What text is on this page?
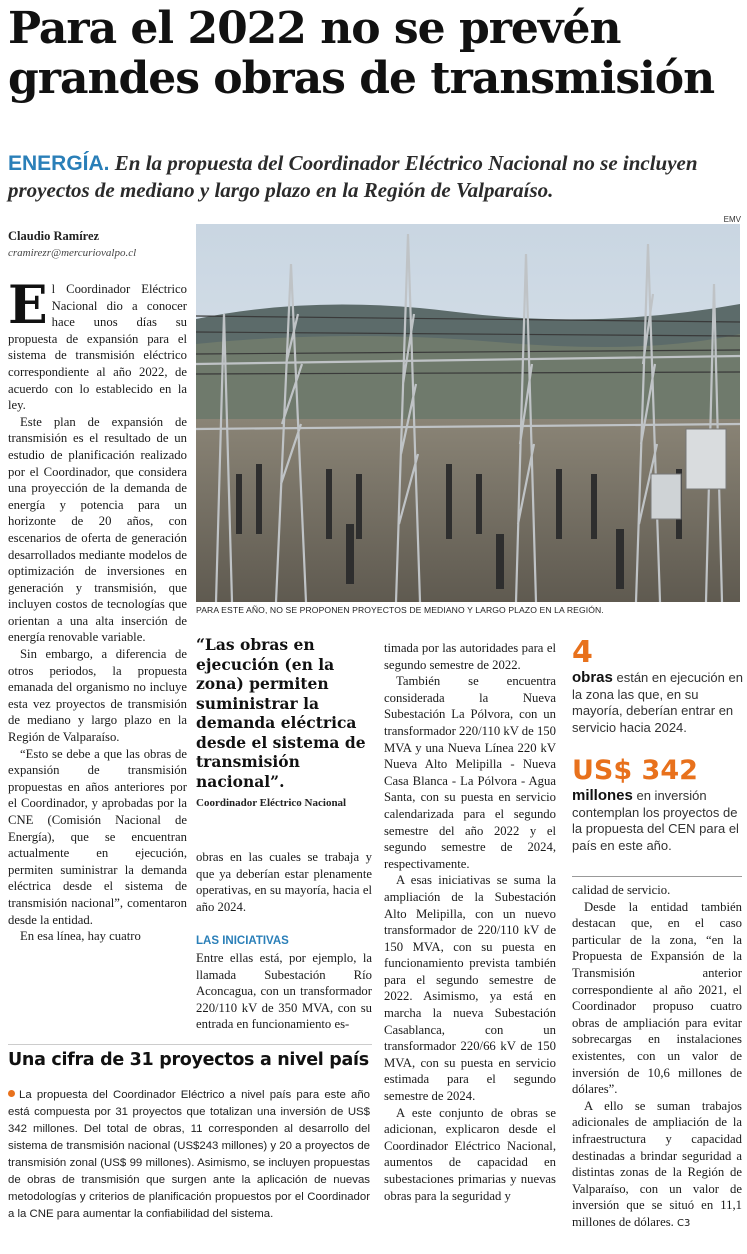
Para el 2022 no se prevén grandes obras de transmisión
ENERGÍA. En la propuesta del Coordinador Eléctrico Nacional no se incluyen proyectos de mediano y largo plazo en la Región de Valparaíso.
Claudio Ramírez
cramirezr@mercuriovalpo.cl
EMV
PARA ESTE AÑO, NO SE PROPONEN PROYECTOS DE MEDIANO Y LARGO PLAZO EN LA REGIÓN.

El Coordinador Eléctrico Nacional dio a conocer hace unos días su propuesta de expansión para el sistema de transmisión eléctrico correspondiente al año 2022, de acuerdo con lo establecido en la ley.

Este plan de expansión de transmisión es el resultado de un estudio de planificación realizado por el Coordinador, que considera una proyección de la demanda de energía y potencia para un horizonte de 20 años, con escenarios de oferta de generación desarrollados mediante modelos de optimización de inversiones en generación y transmisión, que incluyen costos de tecnologías que orientan a una alta inserción de energía renovable variable.

Sin embargo, a diferencia de otros periodos, la propuesta emanada del organismo no incluye esta vez proyectos de transmisión de mediano y largo plazo en la Región de Valparaíso.

“Esto se debe a que las obras de expansión de transmisión propuestas en años anteriores por el Coordinador, y aprobadas por la CNE (Comisión Nacional de Energía), que se encuentran actualmente en ejecución, permiten suministrar la demanda eléctrica desde el sistema de transmisión nacional”, comentaron desde la entidad.

En esa línea, hay cuatro

“Las obras en ejecución (en la zona) permiten suministrar la demanda eléctrica desde el sistema de transmisión nacional”.
Coordinador Eléctrico Nacional

obras en las cuales se trabaja y que ya deberían estar plenamente operativas, en su mayoría, hacia el año 2024.

LAS INICIATIVAS

Entre ellas está, por ejemplo, la llamada Subestación Río Aconcagua, con un transformador 220/110 kV de 350 MVA, con su entrada en funcionamiento es-

timada por las autoridades para el segundo semestre de 2022.

También se encuentra considerada la Nueva Subestación La Pólvora, con un transformador 220/110 kV de 150 MVA y una Nueva Línea 220 kV Nueva Alto Melipilla - Nueva Casa Blanca - La Pólvora - Agua Santa, con su puesta en servicio calendarizada para el segundo semestre del año 2022 y el segundo semestre de 2024, respectivamente.

A esas iniciativas se suma la ampliación de la Subestación Alto Melipilla, con un nuevo transformador de 220/110 kV de 150 MVA, con su puesta en funcionamiento prevista también para el segundo semestre de 2022. Asimismo, ya está en marcha la nueva Subestación Casablanca, con un transformador 220/66 kV de 150 MVA, con su puesta en servicio estimada para el segundo semestre de 2024.

A este conjunto de obras se adicionan, explicaron desde el Coordinador Eléctrico Nacional, aumentos de capacidad en subestaciones primarias y nuevas obras para la seguridad y

4
obras están en ejecución en la zona las que, en su mayoría, deberían entrar en servicio hacia 2024.
US$ 342
millones en inversión contemplan los proyectos de la propuesta del CEN para el país en este año.

calidad de servicio.

Desde la entidad también destacan que, en el caso particular de la zona, “en la Propuesta de Expansión de la Transmisión anterior correspondiente al año 2021, el Coordinador propuso cuatro obras de ampliación para evitar sobrecargas en instalaciones existentes, con un valor de inversión de 10,6 millones de dólares”.

A ello se suman trabajos adicionales de ampliación de la infraestructura y capacidad destinadas a brindar seguridad a distintas zonas de la Región de Valparaíso, con un valor de inversión que se situó en 11,1 millones de dólares. C3

Una cifra de 31 proyectos a nivel país
La propuesta del Coordinador Eléctrico a nivel país para este año está compuesta por 31 proyectos que totalizan una inversión de US$ 342 millones. Del total de obras, 11 corresponden al desarrollo del sistema de transmisión nacional (US$243 millones) y 20 a proyectos de transmisión zonal (US$ 99 millones). Asimismo, se incluyen propuestas de obras de transmisión que surgen ante la aplicación de nuevas metodologías y criterios de planificación propuestos por el Coordinador a la CNE para aumentar la confiabilidad del sistema.
